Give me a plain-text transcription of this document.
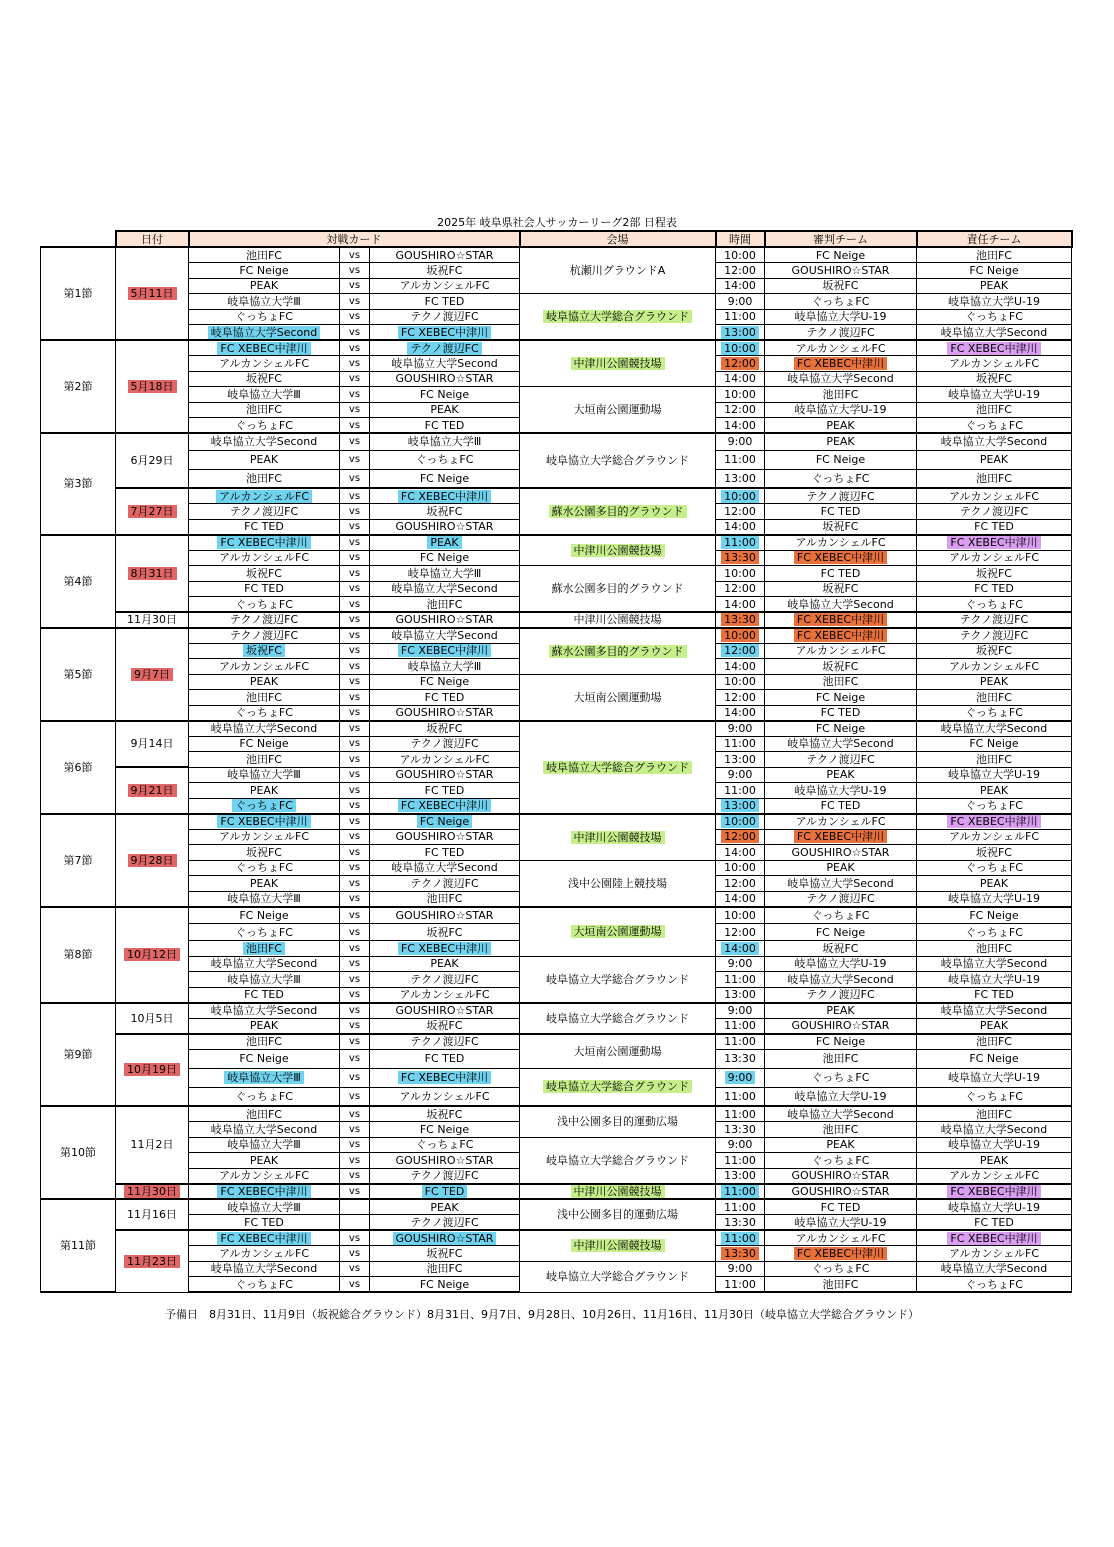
2025年 岐阜県社会人サッカーリーグ2部 日程表
	日付	対戦カード			会場	時間	審判チーム	責任チーム
第1節	5月11日	池田FC	vs	GOUSHIRO☆STAR	杭瀬川グラウンドA	10:00	FC Neige	池田FC
		FC Neige	vs	坂祝FC		12:00	GOUSHIRO☆STAR	FC Neige
		PEAK	vs	アルカンシェルFC		14:00	坂祝FC	PEAK
		岐阜協立大学Ⅲ	vs	FC TED	岐阜協立大学総合グラウンド	9:00	ぐっちょFC	岐阜協立大学U-19
		ぐっちょFC	vs	テクノ渡辺FC		11:00	岐阜協立大学U-19	ぐっちょFC
		岐阜協立大学Second	vs	FC XEBEC中津川		13:00	テクノ渡辺FC	岐阜協立大学Second
第2節	5月18日	FC XEBEC中津川	vs	テクノ渡辺FC	中津川公園競技場	10:00	アルカンシェルFC	FC XEBEC中津川
		アルカンシェルFC	vs	岐阜協立大学Second		12:00	FC XEBEC中津川	アルカンシェルFC
		坂祝FC	vs	GOUSHIRO☆STAR		14:00	岐阜協立大学Second	坂祝FC
		岐阜協立大学Ⅲ	vs	FC Neige	大垣南公園運動場	10:00	池田FC	岐阜協立大学U-19
		池田FC	vs	PEAK		12:00	岐阜協立大学U-19	池田FC
		ぐっちょFC	vs	FC TED		14:00	PEAK	ぐっちょFC
第3節	6月29日	岐阜協立大学Second	vs	岐阜協立大学Ⅲ	岐阜協立大学総合グラウンド	9:00	PEAK	岐阜協立大学Second
		PEAK	vs	ぐっちょFC		11:00	FC Neige	PEAK
		池田FC	vs	FC Neige		13:00	ぐっちょFC	池田FC
	7月27日	アルカンシェルFC	vs	FC XEBEC中津川	蘇水公園多目的グラウンド	10:00	テクノ渡辺FC	アルカンシェルFC
		テクノ渡辺FC	vs	坂祝FC		12:00	FC TED	テクノ渡辺FC
		FC TED	vs	GOUSHIRO☆STAR		14:00	坂祝FC	FC TED
第4節	8月31日	FC XEBEC中津川	vs	PEAK	中津川公園競技場	11:00	アルカンシェルFC	FC XEBEC中津川
		アルカンシェルFC	vs	FC Neige		13:30	FC XEBEC中津川	アルカンシェルFC
		坂祝FC	vs	岐阜協立大学Ⅲ	蘇水公園多目的グラウンド	10:00	FC TED	坂祝FC
		FC TED	vs	岐阜協立大学Second		12:00	坂祝FC	FC TED
		ぐっちょFC	vs	池田FC		14:00	岐阜協立大学Second	ぐっちょFC
	11月30日	テクノ渡辺FC	vs	GOUSHIRO☆STAR	中津川公園競技場	13:30	FC XEBEC中津川	テクノ渡辺FC
第5節	9月7日	テクノ渡辺FC	vs	岐阜協立大学Second	蘇水公園多目的グラウンド	10:00	FC XEBEC中津川	テクノ渡辺FC
		坂祝FC	vs	FC XEBEC中津川		12:00	アルカンシェルFC	坂祝FC
		アルカンシェルFC	vs	岐阜協立大学Ⅲ		14:00	坂祝FC	アルカンシェルFC
		PEAK	vs	FC Neige	大垣南公園運動場	10:00	池田FC	PEAK
		池田FC	vs	FC TED		12:00	FC Neige	池田FC
		ぐっちょFC	vs	GOUSHIRO☆STAR		14:00	FC TED	ぐっちょFC
第6節	9月14日	岐阜協立大学Second	vs	坂祝FC	岐阜協立大学総合グラウンド	9:00	FC Neige	岐阜協立大学Second
		FC Neige	vs	テクノ渡辺FC		11:00	岐阜協立大学Second	FC Neige
		池田FC	vs	アルカンシェルFC		13:00	テクノ渡辺FC	池田FC
	9月21日	岐阜協立大学Ⅲ	vs	GOUSHIRO☆STAR		9:00	PEAK	岐阜協立大学U-19
		PEAK	vs	FC TED		11:00	岐阜協立大学U-19	PEAK
		ぐっちょFC	vs	FC XEBEC中津川		13:00	FC TED	ぐっちょFC
第7節	9月28日	FC XEBEC中津川	vs	FC Neige	中津川公園競技場	10:00	アルカンシェルFC	FC XEBEC中津川
		アルカンシェルFC	vs	GOUSHIRO☆STAR		12:00	FC XEBEC中津川	アルカンシェルFC
		坂祝FC	vs	FC TED		14:00	GOUSHIRO☆STAR	坂祝FC
		ぐっちょFC	vs	岐阜協立大学Second	浅中公園陸上競技場	10:00	PEAK	ぐっちょFC
		PEAK	vs	テクノ渡辺FC		12:00	岐阜協立大学Second	PEAK
		岐阜協立大学Ⅲ	vs	池田FC		14:00	テクノ渡辺FC	岐阜協立大学U-19
第8節	10月12日	FC Neige	vs	GOUSHIRO☆STAR	大垣南公園運動場	10:00	ぐっちょFC	FC Neige
		ぐっちょFC	vs	坂祝FC		12:00	FC Neige	ぐっちょFC
		池田FC	vs	FC XEBEC中津川		14:00	坂祝FC	池田FC
		岐阜協立大学Second	vs	PEAK	岐阜協立大学総合グラウンド	9:00	岐阜協立大学U-19	岐阜協立大学Second
		岐阜協立大学Ⅲ	vs	テクノ渡辺FC		11:00	岐阜協立大学Second	岐阜協立大学U-19
		FC TED	vs	アルカンシェルFC		13:00	テクノ渡辺FC	FC TED
第9節	10月5日	岐阜協立大学Second	vs	GOUSHIRO☆STAR	岐阜協立大学総合グラウンド	9:00	PEAK	岐阜協立大学Second
		PEAK	vs	坂祝FC		11:00	GOUSHIRO☆STAR	PEAK
	10月19日	池田FC	vs	テクノ渡辺FC	大垣南公園運動場	11:00	FC Neige	池田FC
		FC Neige	vs	FC TED		13:30	池田FC	FC Neige
		岐阜協立大学Ⅲ	vs	FC XEBEC中津川	岐阜協立大学総合グラウンド	9:00	ぐっちょFC	岐阜協立大学U-19
		ぐっちょFC	vs	アルカンシェルFC		11:00	岐阜協立大学U-19	ぐっちょFC
第10節	11月2日	池田FC	vs	坂祝FC	浅中公園多目的運動広場	11:00	岐阜協立大学Second	池田FC
		岐阜協立大学Second	vs	FC Neige		13:30	池田FC	岐阜協立大学Second
		岐阜協立大学Ⅲ	vs	ぐっちょFC	岐阜協立大学総合グラウンド	9:00	PEAK	岐阜協立大学U-19
		PEAK	vs	GOUSHIRO☆STAR		11:00	ぐっちょFC	PEAK
		アルカンシェルFC	vs	テクノ渡辺FC		13:00	GOUSHIRO☆STAR	アルカンシェルFC
	11月30日	FC XEBEC中津川	vs	FC TED	中津川公園競技場	11:00	GOUSHIRO☆STAR	FC XEBEC中津川
第11節	11月16日	岐阜協立大学Ⅲ		PEAK	浅中公園多目的運動広場	11:00	FC TED	岐阜協立大学U-19
		FC TED		テクノ渡辺FC		13:30	岐阜協立大学U-19	FC TED
	11月23日	FC XEBEC中津川	vs	GOUSHIRO☆STAR	中津川公園競技場	11:00	アルカンシェルFC	FC XEBEC中津川
		アルカンシェルFC	vs	坂祝FC		13:30	FC XEBEC中津川	アルカンシェルFC
		岐阜協立大学Second	vs	池田FC	岐阜協立大学総合グラウンド	9:00	ぐっちょFC	岐阜協立大学Second
		ぐっちょFC	vs	FC Neige		11:00	池田FC	ぐっちょFC
予備日　8月31日、11月9日（坂祝総合グラウンド）8月31日、9月7日、9月28日、10月26日、11月16日、11月30日（岐阜協立大学総合グラウンド）
